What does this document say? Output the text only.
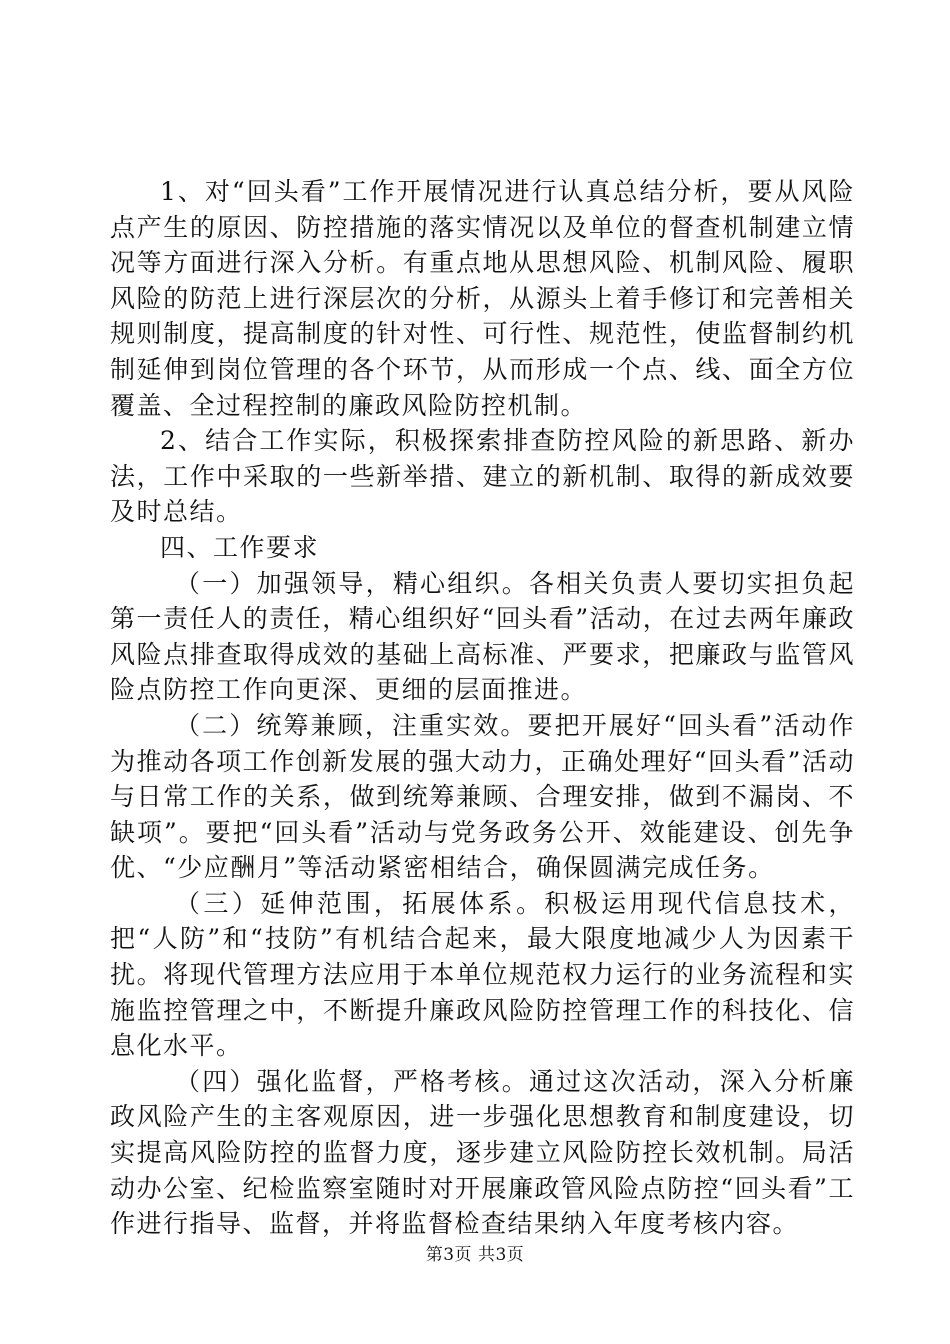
1、对“回头看”工作开展情况进行认真总结分析，要从风险点产生的原因、防控措施的落实情况以及单位的督查机制建立情况等方面进行深入分析。有重点地从思想风险、机制风险、履职风险的防范上进行深层次的分析，从源头上着手修订和完善相关规则制度，提高制度的针对性、可行性、规范性，使监督制约机制延伸到岗位管理的各个环节，从而形成一个点、线、面全方位覆盖、全过程控制的廉政风险防控机制。

2、结合工作实际，积极探索排查防控风险的新思路、新办法，工作中采取的一些新举措、建立的新机制、取得的新成效要及时总结。

四、工作要求

（一）加强领导，精心组织。各相关负责人要切实担负起第一责任人的责任，精心组织好“回头看”活动，在过去两年廉政风险点排查取得成效的基础上高标准、严要求，把廉政与监管风险点防控工作向更深、更细的层面推进。

（二）统筹兼顾，注重实效。要把开展好“回头看”活动作为推动各项工作创新发展的强大动力，正确处理好“回头看”活动与日常工作的关系，做到统筹兼顾、合理安排，做到不漏岗、不缺项”。要把“回头看”活动与党务政务公开、效能建设、创先争优、“少应酬月”等活动紧密相结合，确保圆满完成任务。

（三）延伸范围，拓展体系。积极运用现代信息技术，把“人防”和“技防”有机结合起来，最大限度地减少人为因素干扰。将现代管理方法应用于本单位规范权力运行的业务流程和实施监控管理之中，不断提升廉政风险防控管理工作的科技化、信息化水平。

（四）强化监督，严格考核。通过这次活动，深入分析廉政风险产生的主客观原因，进一步强化思想教育和制度建设，切实提高风险防控的监督力度，逐步建立风险防控长效机制。局活动办公室、纪检监察室随时对开展廉政管风险点防控“回头看”工作进行指导、监督，并将监督检查结果纳入年度考核内容。

第3页 共3页
